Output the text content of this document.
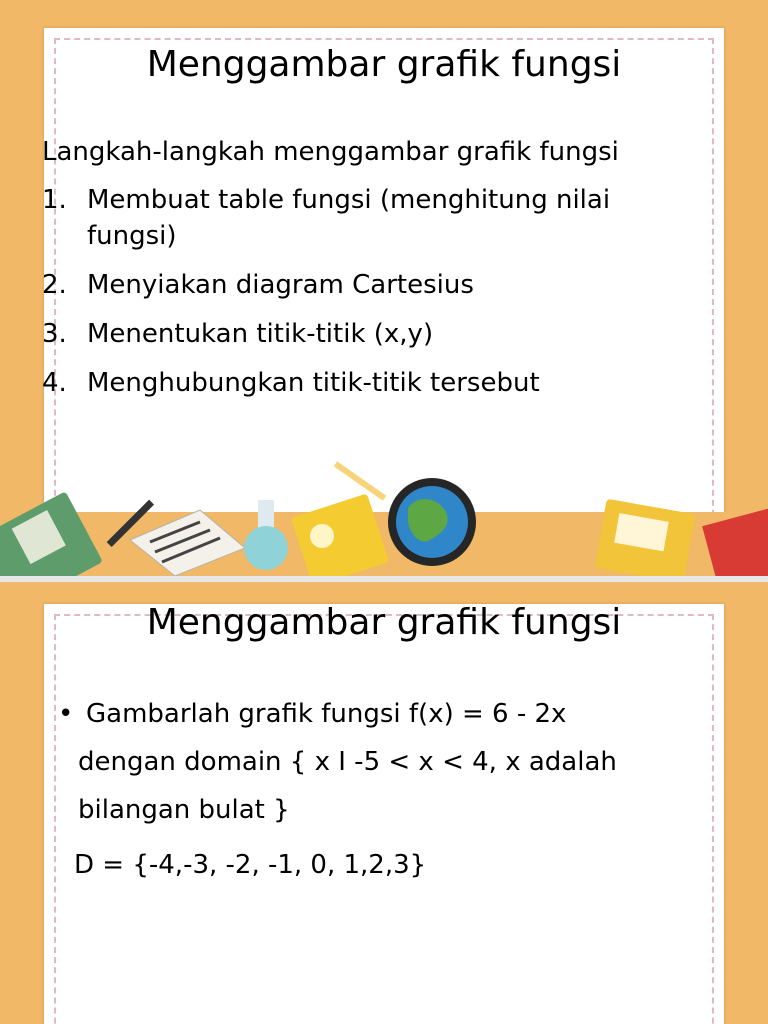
Menggambar grafik fungsi

Langkah-langkah menggambar grafik fungsi

1. Membuat table fungsi (menghitung nilai fungsi)
2. Menyiakan diagram Cartesius
3. Menentukan titik-titik (x,y)
4. Menghubungkan titik-titik tersebut
Menggambar grafik fungsi
• Gambarlah grafik fungsi f(x) = 6 - 2x
dengan domain { x I -5 < x < 4, x adalah
bilangan bulat }
D = {-4,-3, -2, -1, 0, 1,2,3}
